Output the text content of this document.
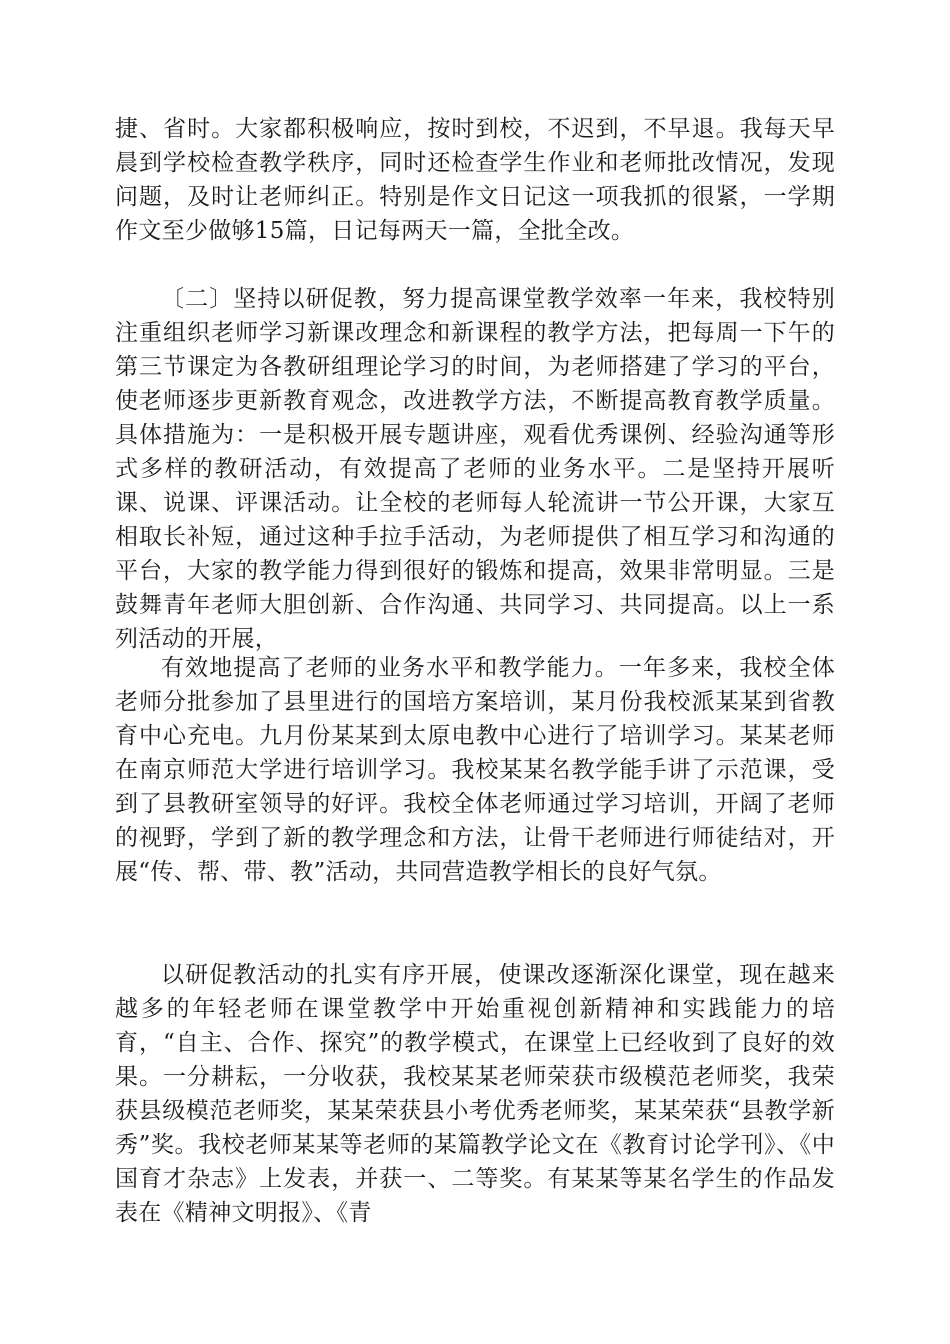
捷、省时。大家都积极响应，按时到校，不迟到，不早退。我每天早晨到学校检查教学秩序，同时还检查学生作业和老师批改情况，发现问题，及时让老师纠正。特别是作文日记这一项我抓的很紧，一学期作文至少做够15篇，日记每两天一篇，全批全改。

〔二〕坚持以研促教，努力提高课堂教学效率一年来，我校特别注重组织老师学习新课改理念和新课程的教学方法，把每周一下午的第三节课定为各教研组理论学习的时间，为老师搭建了学习的平台，使老师逐步更新教育观念，改进教学方法，不断提高教育教学质量。具体措施为：一是积极开展专题讲座，观看优秀课例、经验沟通等形式多样的教研活动，有效提高了老师的业务水平。二是坚持开展听课、说课、评课活动。让全校的老师每人轮流讲一节公开课，大家互相取长补短，通过这种手拉手活动，为老师提供了相互学习和沟通的平台，大家的教学能力得到很好的锻炼和提高，效果非常明显。三是鼓舞青年老师大胆创新、合作沟通、共同学习、共同提高。以上一系列活动的开展，

有效地提高了老师的业务水平和教学能力。一年多来，我校全体老师分批参加了县里进行的国培方案培训，某月份我校派某某到省教育中心充电。九月份某某到太原电教中心进行了培训学习。某某老师在南京师范大学进行培训学习。我校某某名教学能手讲了示范课，受到了县教研室领导的好评。我校全体老师通过学习培训，开阔了老师的视野，学到了新的教学理念和方法，让骨干老师进行师徒结对，开展“传、帮、带、教”活动，共同营造教学相长的良好气氛。

以研促教活动的扎实有序开展，使课改逐渐深化课堂，现在越来越多的年轻老师在课堂教学中开始重视创新精神和实践能力的培育，“自主、合作、探究”的教学模式，在课堂上已经收到了良好的效果。一分耕耘，一分收获，我校某某老师荣获市级模范老师奖，我荣获县级模范老师奖，某某荣获县小考优秀老师奖，某某荣获“县教学新秀”奖。我校老师某某等老师的某篇教学论文在《教育讨论学刊》、《中国育才杂志》上发表，并获一、二等奖。有某某等某名学生的作品发表在《精神文明报》、《青
